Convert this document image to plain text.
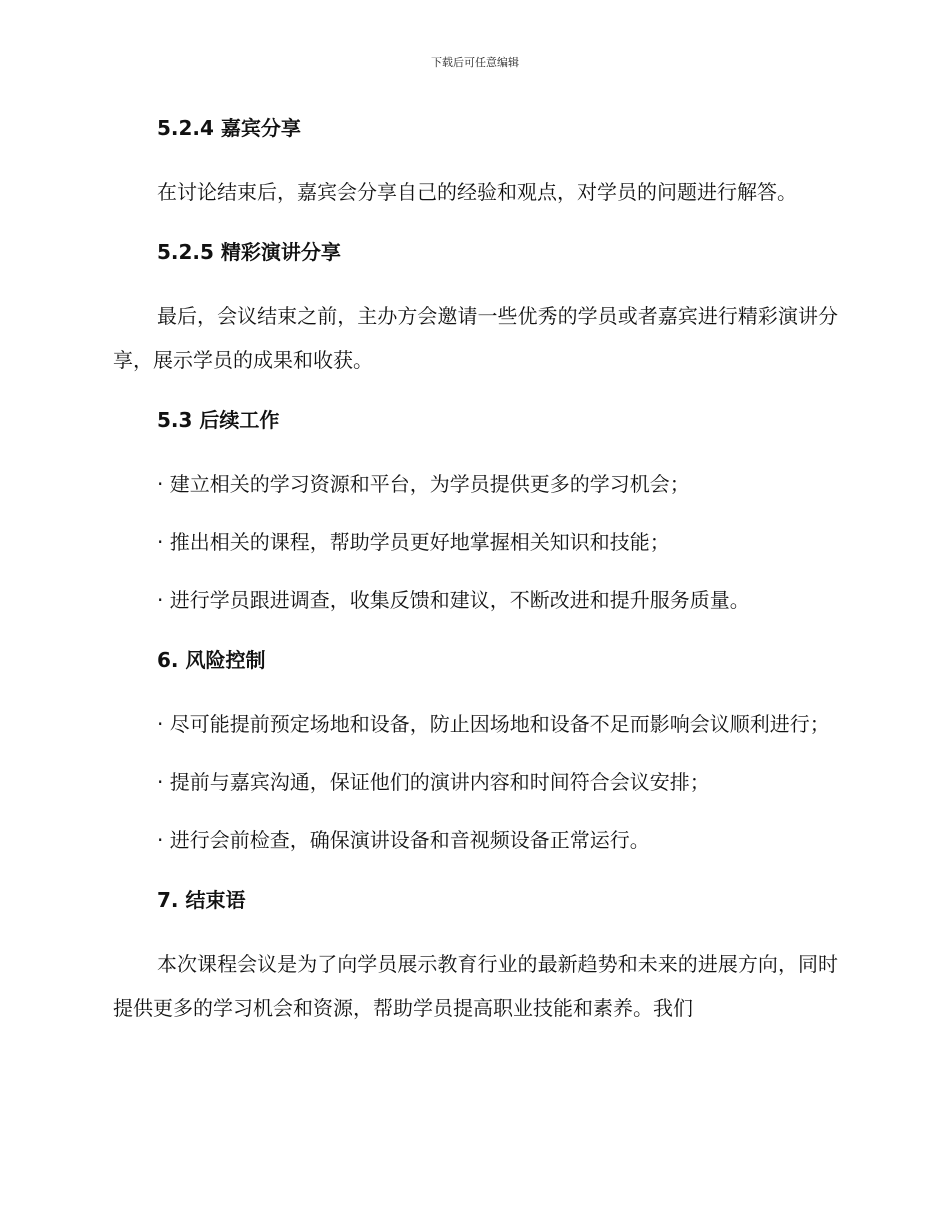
下载后可任意编辑
5.2.4 嘉宾分享

在讨论结束后，嘉宾会分享自己的经验和观点，对学员的问题进行解答。

5.2.5 精彩演讲分享

最后，会议结束之前，主办方会邀请一些优秀的学员或者嘉宾进行精彩演讲分享，展示学员的成果和收获。

5.3 后续工作

· 建立相关的学习资源和平台，为学员提供更多的学习机会；

· 推出相关的课程，帮助学员更好地掌握相关知识和技能；

· 进行学员跟进调查，收集反馈和建议，不断改进和提升服务质量。

6. 风险控制

· 尽可能提前预定场地和设备，防止因场地和设备不足而影响会议顺利进行；

· 提前与嘉宾沟通，保证他们的演讲内容和时间符合会议安排；

· 进行会前检查，确保演讲设备和音视频设备正常运行。

7. 结束语

本次课程会议是为了向学员展示教育行业的最新趋势和未来的进展方向，同时提供更多的学习机会和资源，帮助学员提高职业技能和素养。我们
